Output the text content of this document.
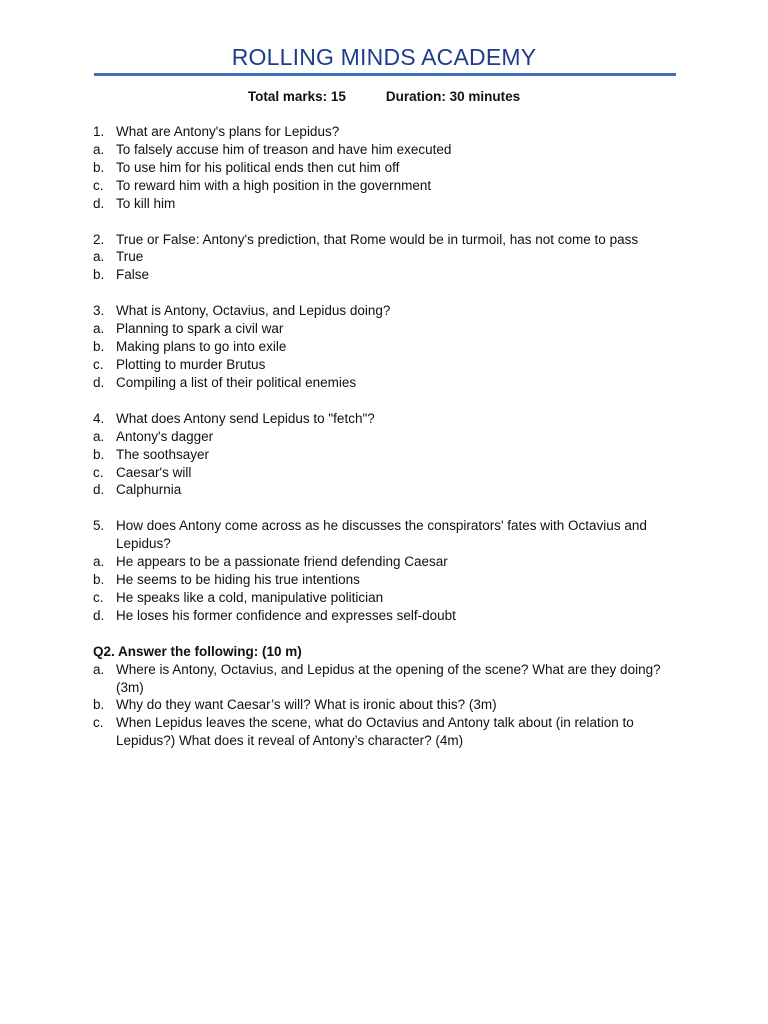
ROLLING MINDS ACADEMY
Total marks: 15	Duration: 30 minutes
1. What are Antony's plans for Lepidus?
a. To falsely accuse him of treason and have him executed
b. To use him for his political ends then cut him off
c. To reward him with a high position in the government
d. To kill him
2. True or False: Antony's prediction, that Rome would be in turmoil, has not come to pass
a. True
b. False
3. What is Antony, Octavius, and Lepidus doing?
a. Planning to spark a civil war
b. Making plans to go into exile
c. Plotting to murder Brutus
d. Compiling a list of their political enemies
4. What does Antony send Lepidus to "fetch"?
a. Antony's dagger
b. The soothsayer
c. Caesar's will
d. Calphurnia
5. How does Antony come across as he discusses the conspirators' fates with Octavius and Lepidus?
a. He appears to be a passionate friend defending Caesar
b. He seems to be hiding his true intentions
c. He speaks like a cold, manipulative politician
d. He loses his former confidence and expresses self-doubt
Q2. Answer the following: (10 m)
a. Where is Antony, Octavius, and Lepidus at the opening of the scene? What are they doing? (3m)
b. Why do they want Caesar’s will? What is ironic about this? (3m)
c. When Lepidus leaves the scene, what do Octavius and Antony talk about (in relation to Lepidus?) What does it reveal of Antony’s character? (4m)
